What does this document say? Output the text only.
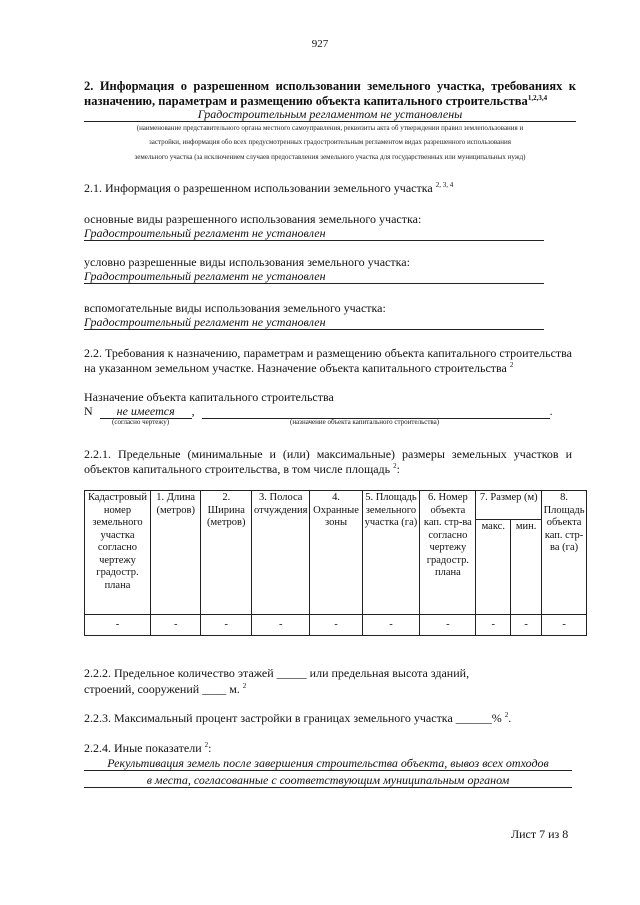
927
2. Информация о разрешенном использовании земельного участка, требованиях к назначению, параметрам и размещению объекта капитального строительства$^{1,2,3,4}$
Градостроительным регламентом не установлены
(наименование представительного органа местного самоуправления, реквизиты акта об утверждении правил землепользования и
застройки, информация обо всех предусмотренных градостроительным регламентом видах разрешенного использования
земельного участка (за исключением случаев предоставления земельного участка для государственных или муниципальных нужд)
2.1. Информация о разрешенном использовании земельного участка $^{2, 3, 4}$
основные виды разрешенного использования земельного участка:
Градостроительный регламент не установлен
условно разрешенные виды использования земельного участка:
Градостроительный регламент не установлен
вспомогательные виды использования земельного участка:
Градостроительный регламент не установлен
2.2. Требования к назначению, параметрам и размещению объекта капитального строительства на указанном земельном участке. Назначение объекта капитального строительства $^2$
Назначение объекта капитального строительства
N не имеется ,	.
(согласно чертежу)	(назначение объекта капитального строительства)
2.2.1. Предельные (минимальные и (или) максимальные) размеры земельных участков и объектов капитального строительства, в том числе площадь $^2$:
Кадастровый номер земельного участка согласно чертежу градостр. плана	1. Длина (метров)	2. Ширина (метров)	3. Полоса отчуждения	4. Охранные зоны	5. Площадь земельного участка (га)	6. Номер объекта кап. стр-ва согласно чертежу градостр. плана	7. Размер (м)		8. Площадь объекта кап. стр-ва (га)
							макс.	мин.	
-	-	-	-	-	-	-	-	-	-
2.2.2. Предельное количество этажей _____ или предельная высота зданий,
строений, сооружений ____ м. $^2$
2.2.3. Максимальный процент застройки в границах земельного участка ______% $^2$.
2.2.4. Иные показатели $^2$:
Рекультивация земель после завершения строительства объекта, вывоз всех отходов
в места, согласованные с соответствующим муниципальным органом
Лист 7 из 8
